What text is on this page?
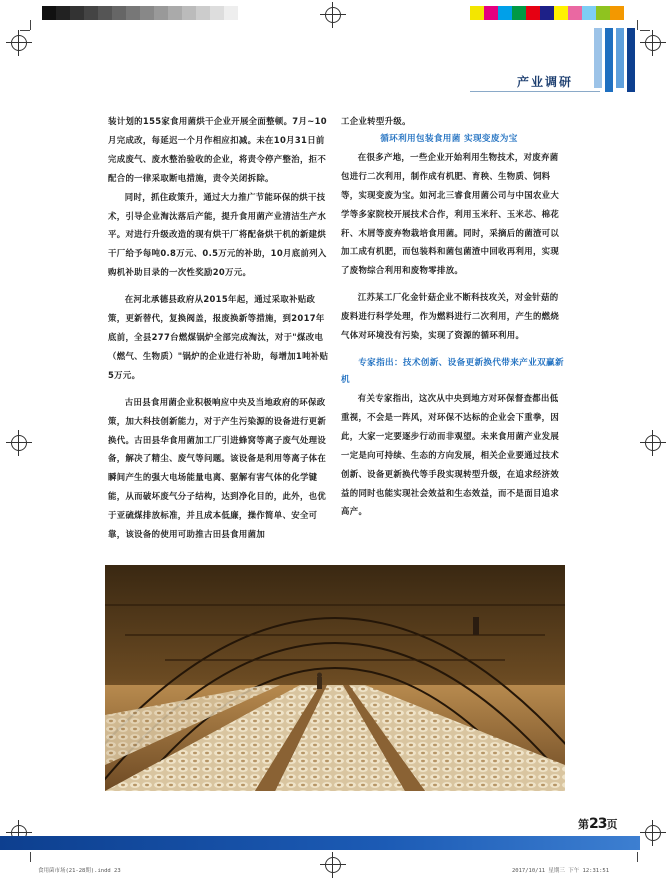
产业调研

装计划的155家食用菌烘干企业开展全面整顿。7月~10月完成改，每延迟一个月作相应扣减。未在10月31日前完成废气、废水整治验收的企业，将责令停产整治，拒不配合的一律采取断电措施，责令关闭拆除。

同时，抓住政策升，通过大力推广节能环保的烘干技术，引导企业淘汰落后产能，提升食用菌产业清洁生产水平。对进行升级改造的现有烘干厂将配备烘干机的新建烘干厂给予每吨0.8万元、0.5万元的补助，10月底前列入购机补助目录的一次性奖励20万元。

在河北承德县政府从2015年起，通过采取补贴政策，更新替代，复换阀盖，报废换新等措施，到2017年底前，全县277台燃煤锅炉全部完成淘汰，对于"煤改电（燃气、生物质）"锅炉的企业进行补助，每增加1吨补贴5万元。

古田县食用菌企业积极响应中央及当地政府的环保政策，加大科技创新能力，对于产生污染源的设备进行更新换代。古田县华食用菌加工厂引进蜂窝等离子废气处理设备，解决了精尘、废气等问题。该设备是利用等离子体在瞬间产生的强大电场能量电离、驱解有害气体的化学键能，从而破坏废气分子结构，达到净化目的，此外，也优于亚硫煤排放标准，并且成本低廉，操作简单、安全可靠，该设备的使用可助推古田县食用菌加

工企业转型升级。

循环利用包装食用菌 实现变废为宝

在很多产地，一些企业开始利用生物技术，对废弃菌包进行二次利用，制作成有机肥、育秧、生物质、饲料等，实现变废为宝。如河北三睿食用菌公司与中国农业大学等多家院校开展技术合作，利用玉米秆、玉米芯、棉花秆、木屑等废弃物栽培食用菌。同时，采摘后的菌渣可以加工成有机肥，而包装料和菌包菌渣中回收再利用，实现了废物综合利用和废物零排放。

江苏某工厂化金针菇企业不断科技攻关，对金针菇的废料进行科学处理，作为燃料进行二次利用，产生的燃烧气体对环境没有污染，实现了资源的循环利用。

专家指出：技术创新、设备更新换代带来产业双赢新机

有关专家指出，这次从中央到地方对环保督查都出低重视，不会是一阵风，对环保不达标的企业会下重拳，因此，大家一定要逐步行动而非观望。未来食用菌产业发展一定是向可持续、生态的方向发展，相关企业要通过技术创新、设备更新换代等手段实现转型升级，在追求经济效益的同时也能实现社会效益和生态效益，而不是面目追求高产。

第23页
食用菌市场(21-28期).indd 23	2017/10/11 星期三 下午 12:31:51
